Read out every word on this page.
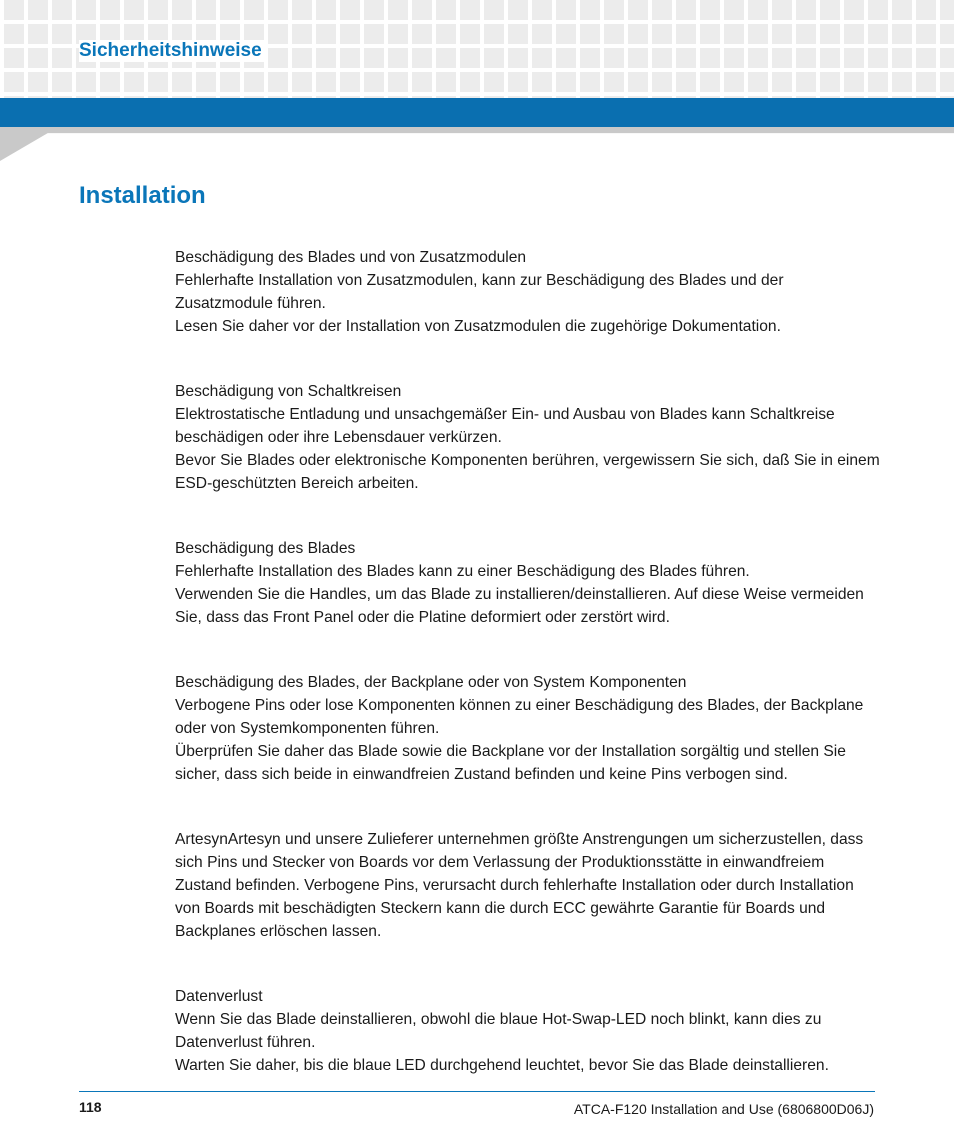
Sicherheitshinweise
Installation

Beschädigung des Blades und von Zusatzmodulen

Fehlerhafte Installation von Zusatzmodulen, kann zur Beschädigung des Blades und der Zusatzmodule führen.

Lesen Sie daher vor der Installation von Zusatzmodulen die zugehörige Dokumentation.

Beschädigung von Schaltkreisen

Elektrostatische Entladung und unsachgemäßer Ein- und Ausbau von Blades kann Schaltkreise beschädigen oder ihre Lebensdauer verkürzen.

Bevor Sie Blades oder elektronische Komponenten berühren, vergewissern Sie sich, daß Sie in einem ESD-geschützten Bereich arbeiten.

Beschädigung des Blades

Fehlerhafte Installation des Blades kann zu einer Beschädigung des Blades führen.

Verwenden Sie die Handles, um das Blade zu installieren/deinstallieren. Auf diese Weise vermeiden Sie, dass das Front Panel oder die Platine deformiert oder zerstört wird.

Beschädigung des Blades, der Backplane oder von System Komponenten

Verbogene Pins oder lose Komponenten können zu einer Beschädigung des Blades, der Backplane oder von Systemkomponenten führen.

Überprüfen Sie daher das Blade sowie die Backplane vor der Installation sorgältig und stellen Sie sicher, dass sich beide in einwandfreien Zustand befinden und keine Pins verbogen sind.

ArtesynArtesyn und unsere Zulieferer unternehmen größte Anstrengungen um sicherzustellen, dass sich Pins und Stecker von Boards vor dem Verlassung der Produktionsstätte in einwandfreiem Zustand befinden. Verbogene Pins, verursacht durch fehlerhafte Installation oder durch Installation von Boards mit beschädigten Steckern kann die durch ECC gewährte Garantie für Boards und Backplanes erlöschen lassen.

Datenverlust

Wenn Sie das Blade deinstallieren, obwohl die blaue Hot-Swap-LED noch blinkt, kann dies zu Datenverlust führen.

Warten Sie daher, bis die blaue LED durchgehend leuchtet, bevor Sie das Blade deinstallieren.

118	ATCA-F120 Installation and Use (6806800D06J)
